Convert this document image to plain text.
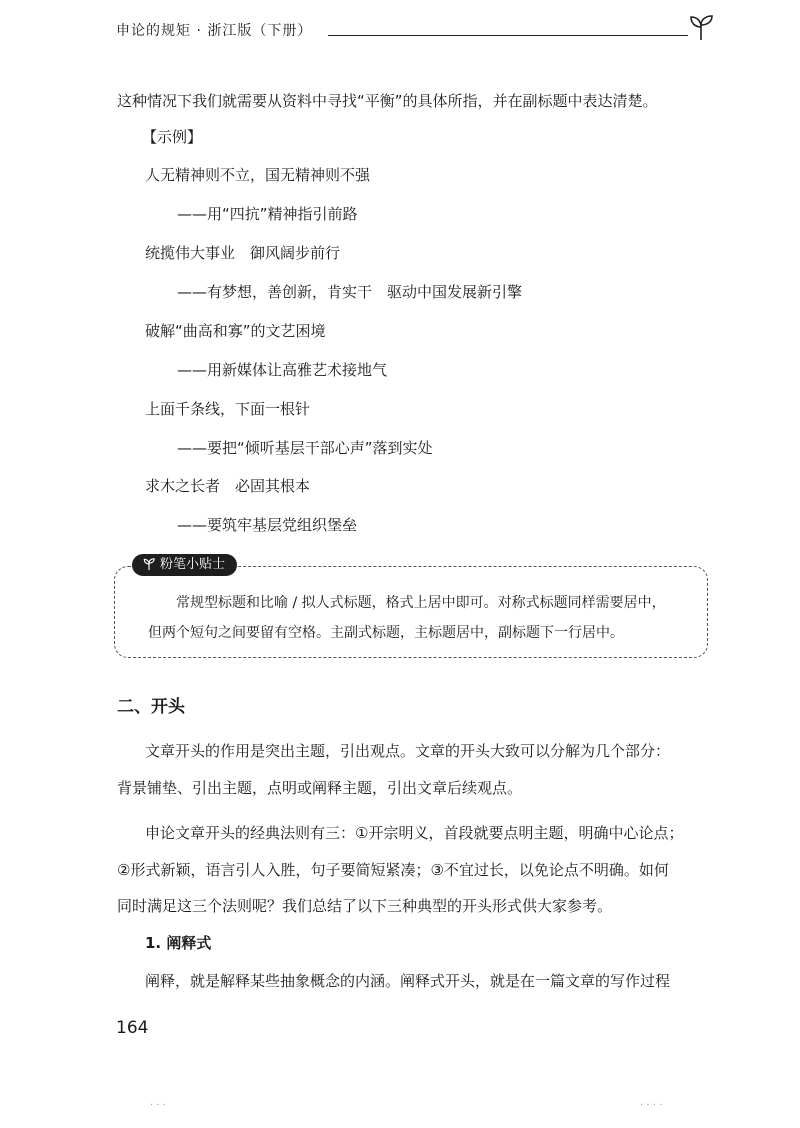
申论的规矩 · 浙江版（下册）
这种情况下我们就需要从资料中寻找“平衡”的具体所指，并在副标题中表达清楚。
【示例】
人无精神则不立，国无精神则不强
——用“四抗”精神指引前路
统揽伟大事业　御风阔步前行
——有梦想，善创新，肯实干　驱动中国发展新引擎
破解“曲高和寡”的文艺困境
——用新媒体让高雅艺术接地气
上面千条线，下面一根针
——要把“倾听基层干部心声”落到实处
求木之长者　必固其根本
——要筑牢基层党组织堡垒
粉笔小贴士
常规型标题和比喻 / 拟人式标题，格式上居中即可。对称式标题同样需要居中，
但两个短句之间要留有空格。主副式标题，主标题居中，副标题下一行居中。
二、开头
文章开头的作用是突出主题，引出观点。文章的开头大致可以分解为几个部分：
背景铺垫、引出主题，点明或阐释主题，引出文章后续观点。
申论文章开头的经典法则有三：①开宗明义，首段就要点明主题，明确中心论点；
②形式新颖，语言引人入胜，句子要简短紧凑；③不宜过长，以免论点不明确。如何
同时满足这三个法则呢？我们总结了以下三种典型的开头形式供大家参考。
1. 阐释式
阐释，就是解释某些抽象概念的内涵。阐释式开头，就是在一篇文章的写作过程
164
· · ·	· · · ·
